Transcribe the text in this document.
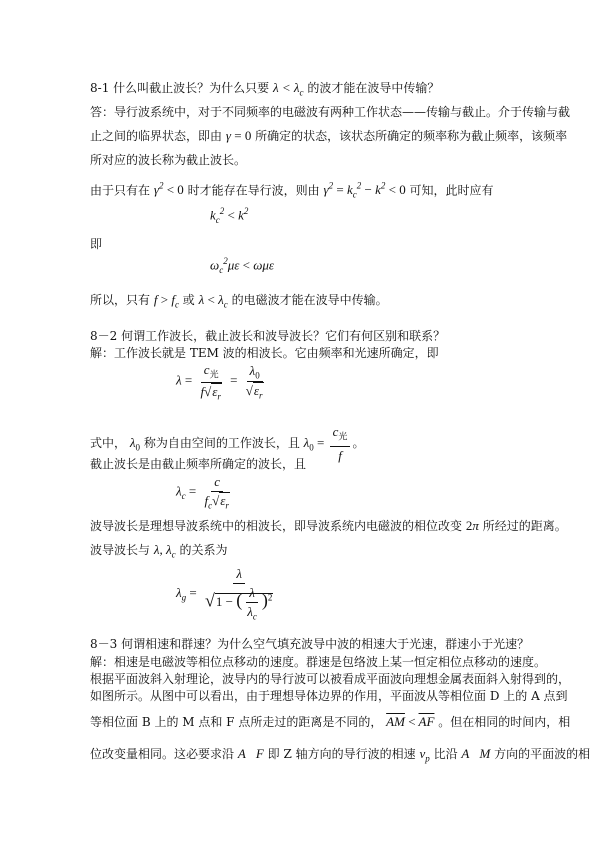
8-1 什么叫截止波长？为什么只要 $\lambda < \lambda_c$ 的波才能在波导中传输？
答：导行波系统中，对于不同频率的电磁波有两种工作状态——传输与截止。介于传输与截
止之间的临界状态，即由 γ = 0 所确定的状态，该状态所确定的频率称为截止频率，该频率
所对应的波长称为截止波长。
由于只有在 $\gamma^2 < 0$ 时才能存在导行波，则由 $\gamma^2 = k_c^2 - k^2 < 0$ 可知，此时应有
$k_c^2 < k^2$
即
$\omega_c^2\mu\varepsilon < \omega\mu\varepsilon$
所以，只有 $f > f_c$ 或 $\lambda < \lambda_c$ 的电磁波才能在波导中传输。
8－2 何谓工作波长，截止波长和波导波长？它们有何区别和联系？
解：工作波长就是 TEM 波的相波长。它由频率和光速所确定，即
$\lambda = \frac{c_光}{f√\varepsilon_r} = \frac{\lambda_0}{√\varepsilon_r}$
式中， $\lambda_0$ 称为自由空间的工作波长，且 $\lambda_0 = \frac{c_光}{f}$ 。
截止波长是由截止频率所确定的波长，且
$\lambda_c = \frac{c}{f_c√\varepsilon_r}$
波导波长是理想导波系统中的相波长，即导波系统内电磁波的相位改变 2π 所经过的距离。
波导波长与 λ, $\lambda_c$ 的关系为
$\lambda_g = \frac{\lambda}{√1 - ( \frac{\lambda}{\lambda_c} )^2}$
8－3 何谓相速和群速？为什么空气填充波导中波的相速大于光速，群速小于光速？
解：相速是电磁波等相位点移动的速度。群速是包络波上某一恒定相位点移动的速度。
根据平面波斜入射理论，波导内的导行波可以被看成平面波向理想金属表面斜入射得到的，
如图所示。从图中可以看出，由于理想导体边界的作用，平面波从等相位面 D 上的 A 点到
等相位面 B 上的 M 点和 F 点所走过的距离是不同的， $\overline{AM} < \overline{AF}$ 。但在相同的时间内，相
位改变量相同。这必要求沿 A⃗F 即 Z 轴方向的导行波的相速 $v_p$ 比沿 A⃗M 方向的平面波的相
